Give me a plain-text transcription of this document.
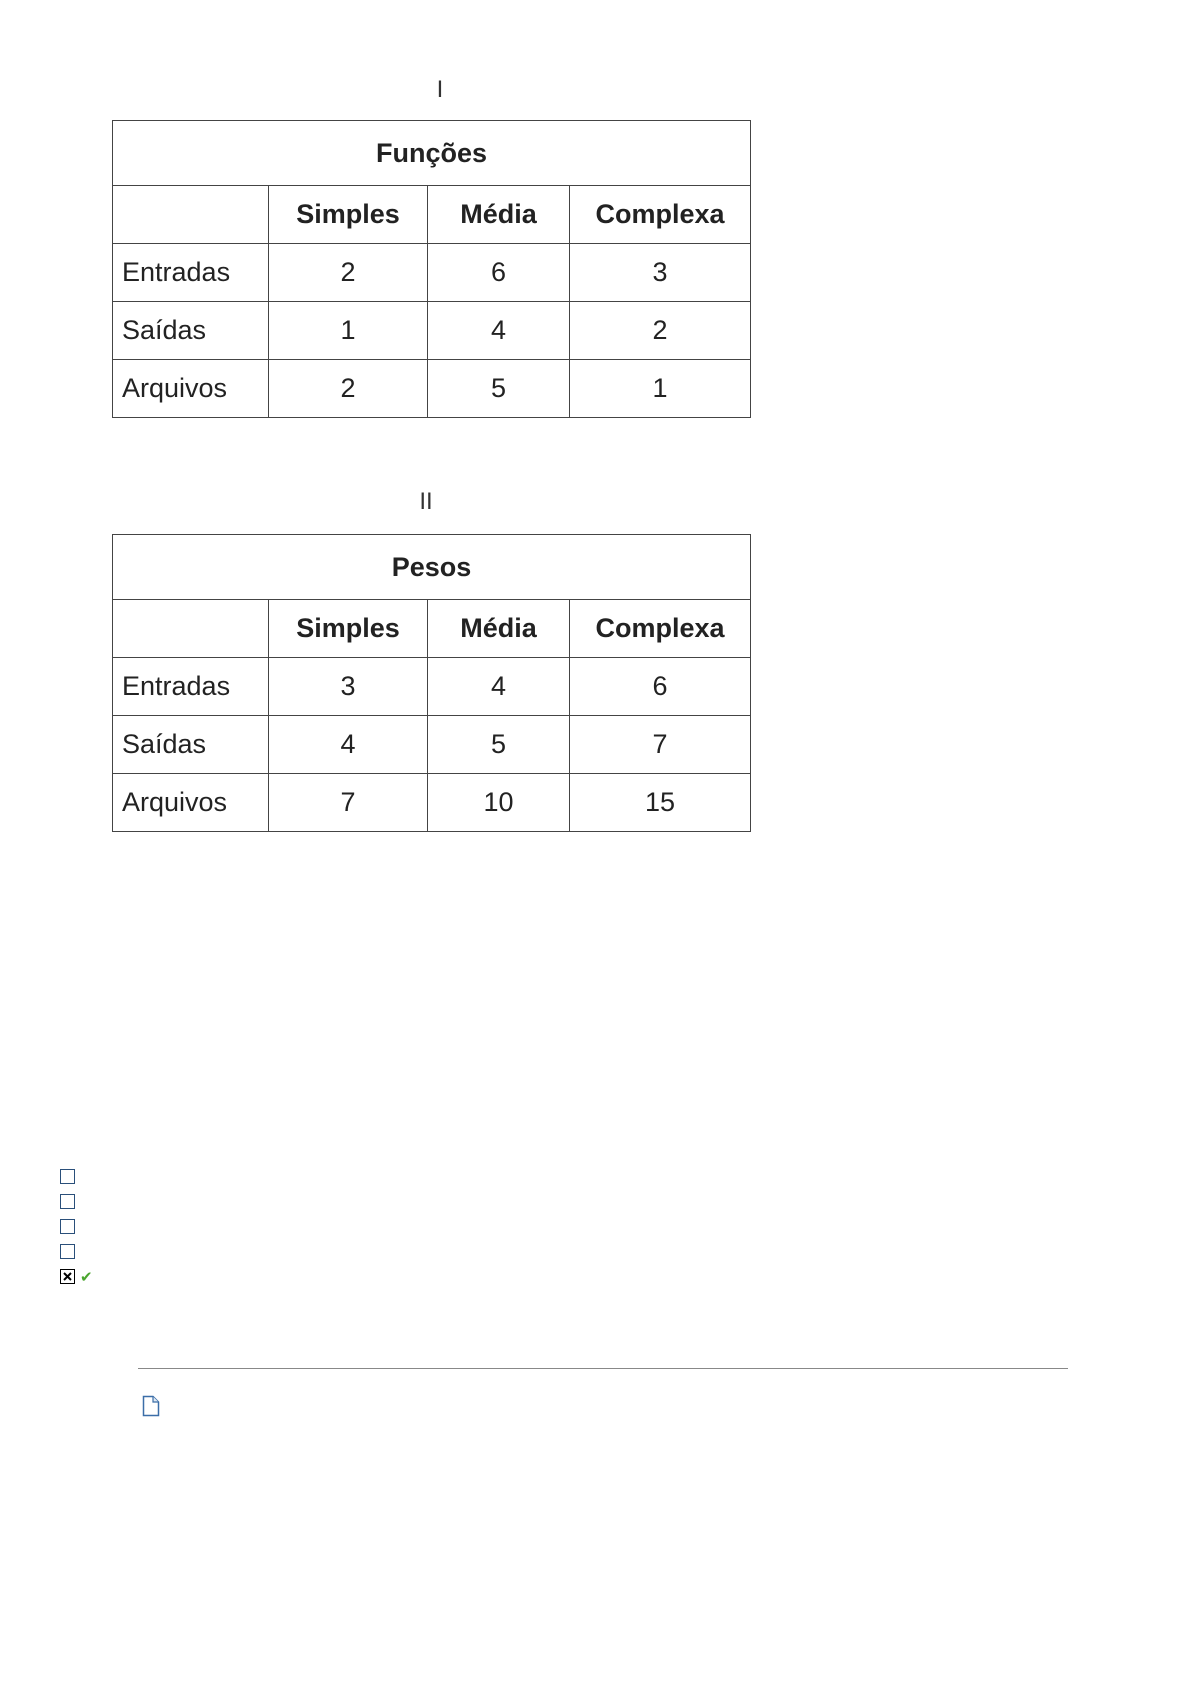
I
Funções			
	Simples	Média	Complexa
Entradas	2	6	3
Saídas	1	4	2
Arquivos	2	5	1
II
Pesos			
	Simples	Média	Complexa
Entradas	3	4	6
Saídas	4	5	7
Arquivos	7	10	15
✔
